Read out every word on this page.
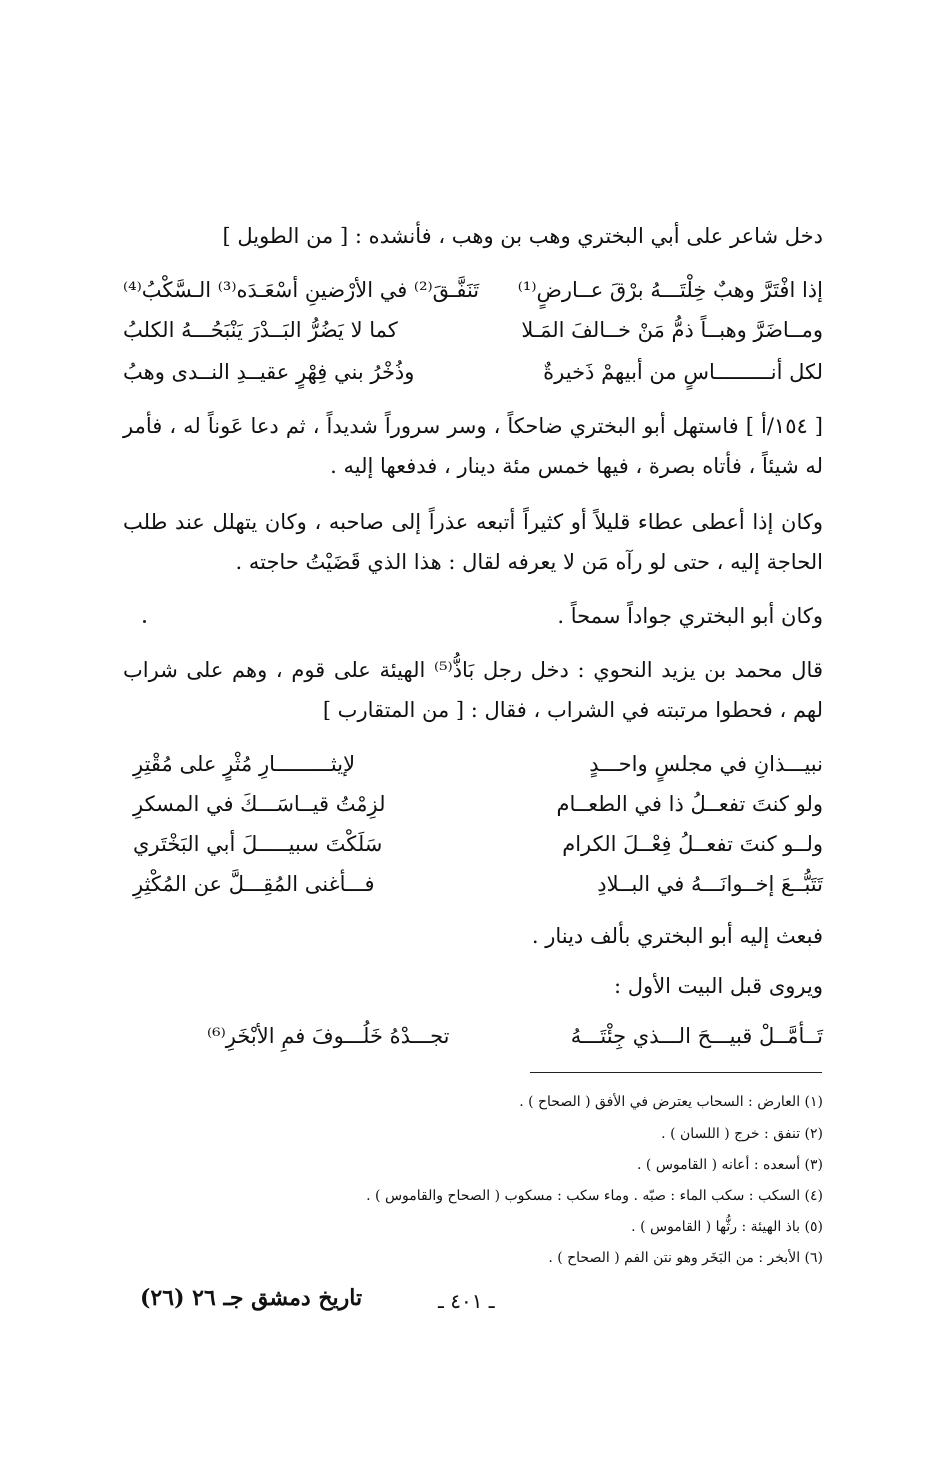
دخل شاعر على أبي البختري وهب بن وهب ، فأنشده : [ من الطويل ]
إذا افْتَرَّ وهبٌ خِلْتَـــهُ برْقَ عــارضٍ⁽¹⁾
تَنَفَّـقَ⁽²⁾ في الأرْضينِ أسْعَـدَه⁽³⁾ الـسَّكْبُ⁽⁴⁾
ومــاضَرَّ وهبــاً ذمُّ مَنْ خــالفَ المَـلا
كما لا يَضُرُّ البَــدْرَ يَنْبَحُـــهُ الكلبُ
لكل أنـــــــــاسٍ من أبيهمْ ذَخيرةٌ
وذُخْرُ بني فِهْرٍ عقيــدِ النــدى وهبُ
[ ١٥٤/أ ] فاستهل أبو البختري ضاحكاً ، وسر سروراً شديداً ، ثم دعا عَوناً له ، فأمر له شيئاً ، فأتاه بصرة ، فيها خمس مئة دينار ، فدفعها إليه .
وكان إذا أعطى عطاء قليلاً أو كثيراً أتبعه عذراً إلى صاحبه ، وكان يتهلل عند طلب الحاجة إليه ، حتى لو رآه مَن لا يعرفه لقال : هذا الذي قَضَيْتُ حاجته .
وكان أبو البختري جواداً سمحاً .
قال محمد بن يزيد النحوي : دخل رجل بَاذُّ⁽⁵⁾ الهيئة على قوم ، وهم على شراب لهم ، فحطوا مرتبته في الشراب ، فقال : [ من المتقارب ]
نبيـــذانِ في مجلسٍ واحـــدٍ
لإيثـــــــــارِ مُثْرٍ على مُقْتِرِ
ولو كنتَ تفعــلُ ذا في الطعــام
لزِمْتُ قيــاسَـــكَ في المسكرِ
ولــو كنتَ تفعــلُ فِعْــلَ الكرام
سَلَكْتَ سبيـــــلَ أبي البَخْتَري
تَتَبُّــعَ إخــوانَـــهُ في البــلادِ
فـــأغنى المُقِـــلَّ عن المُكْثِرِ
فبعث إليه أبو البختري بألف دينار .
ويروى قبل البيت الأول :
تَــأمَّــلْ قبيـــحَ الـــذي جِئْتَـــهُ
تجـــدْهُ خَلُـــوفَ فمِ الأبْخَرِ⁽⁶⁾
(١) العارض : السحاب يعترض في الأفق ( الصحاح ) .
(٢) تنفق : خرج ( اللسان ) .
(٣) أسعده : أعانه ( القاموس ) .
(٤) السكب : سكب الماء : صبّه . وماء سكب : مسكوب ( الصحاح والقاموس ) .
(٥) باذ الهيئة : رثُّها ( القاموس ) .
(٦) الأبخر : من البَخَر وهو نتن الفم ( الصحاح ) .
تاريخ دمشق جـ ٢٦ (٢٦)	ـ ٤٠١ ـ
